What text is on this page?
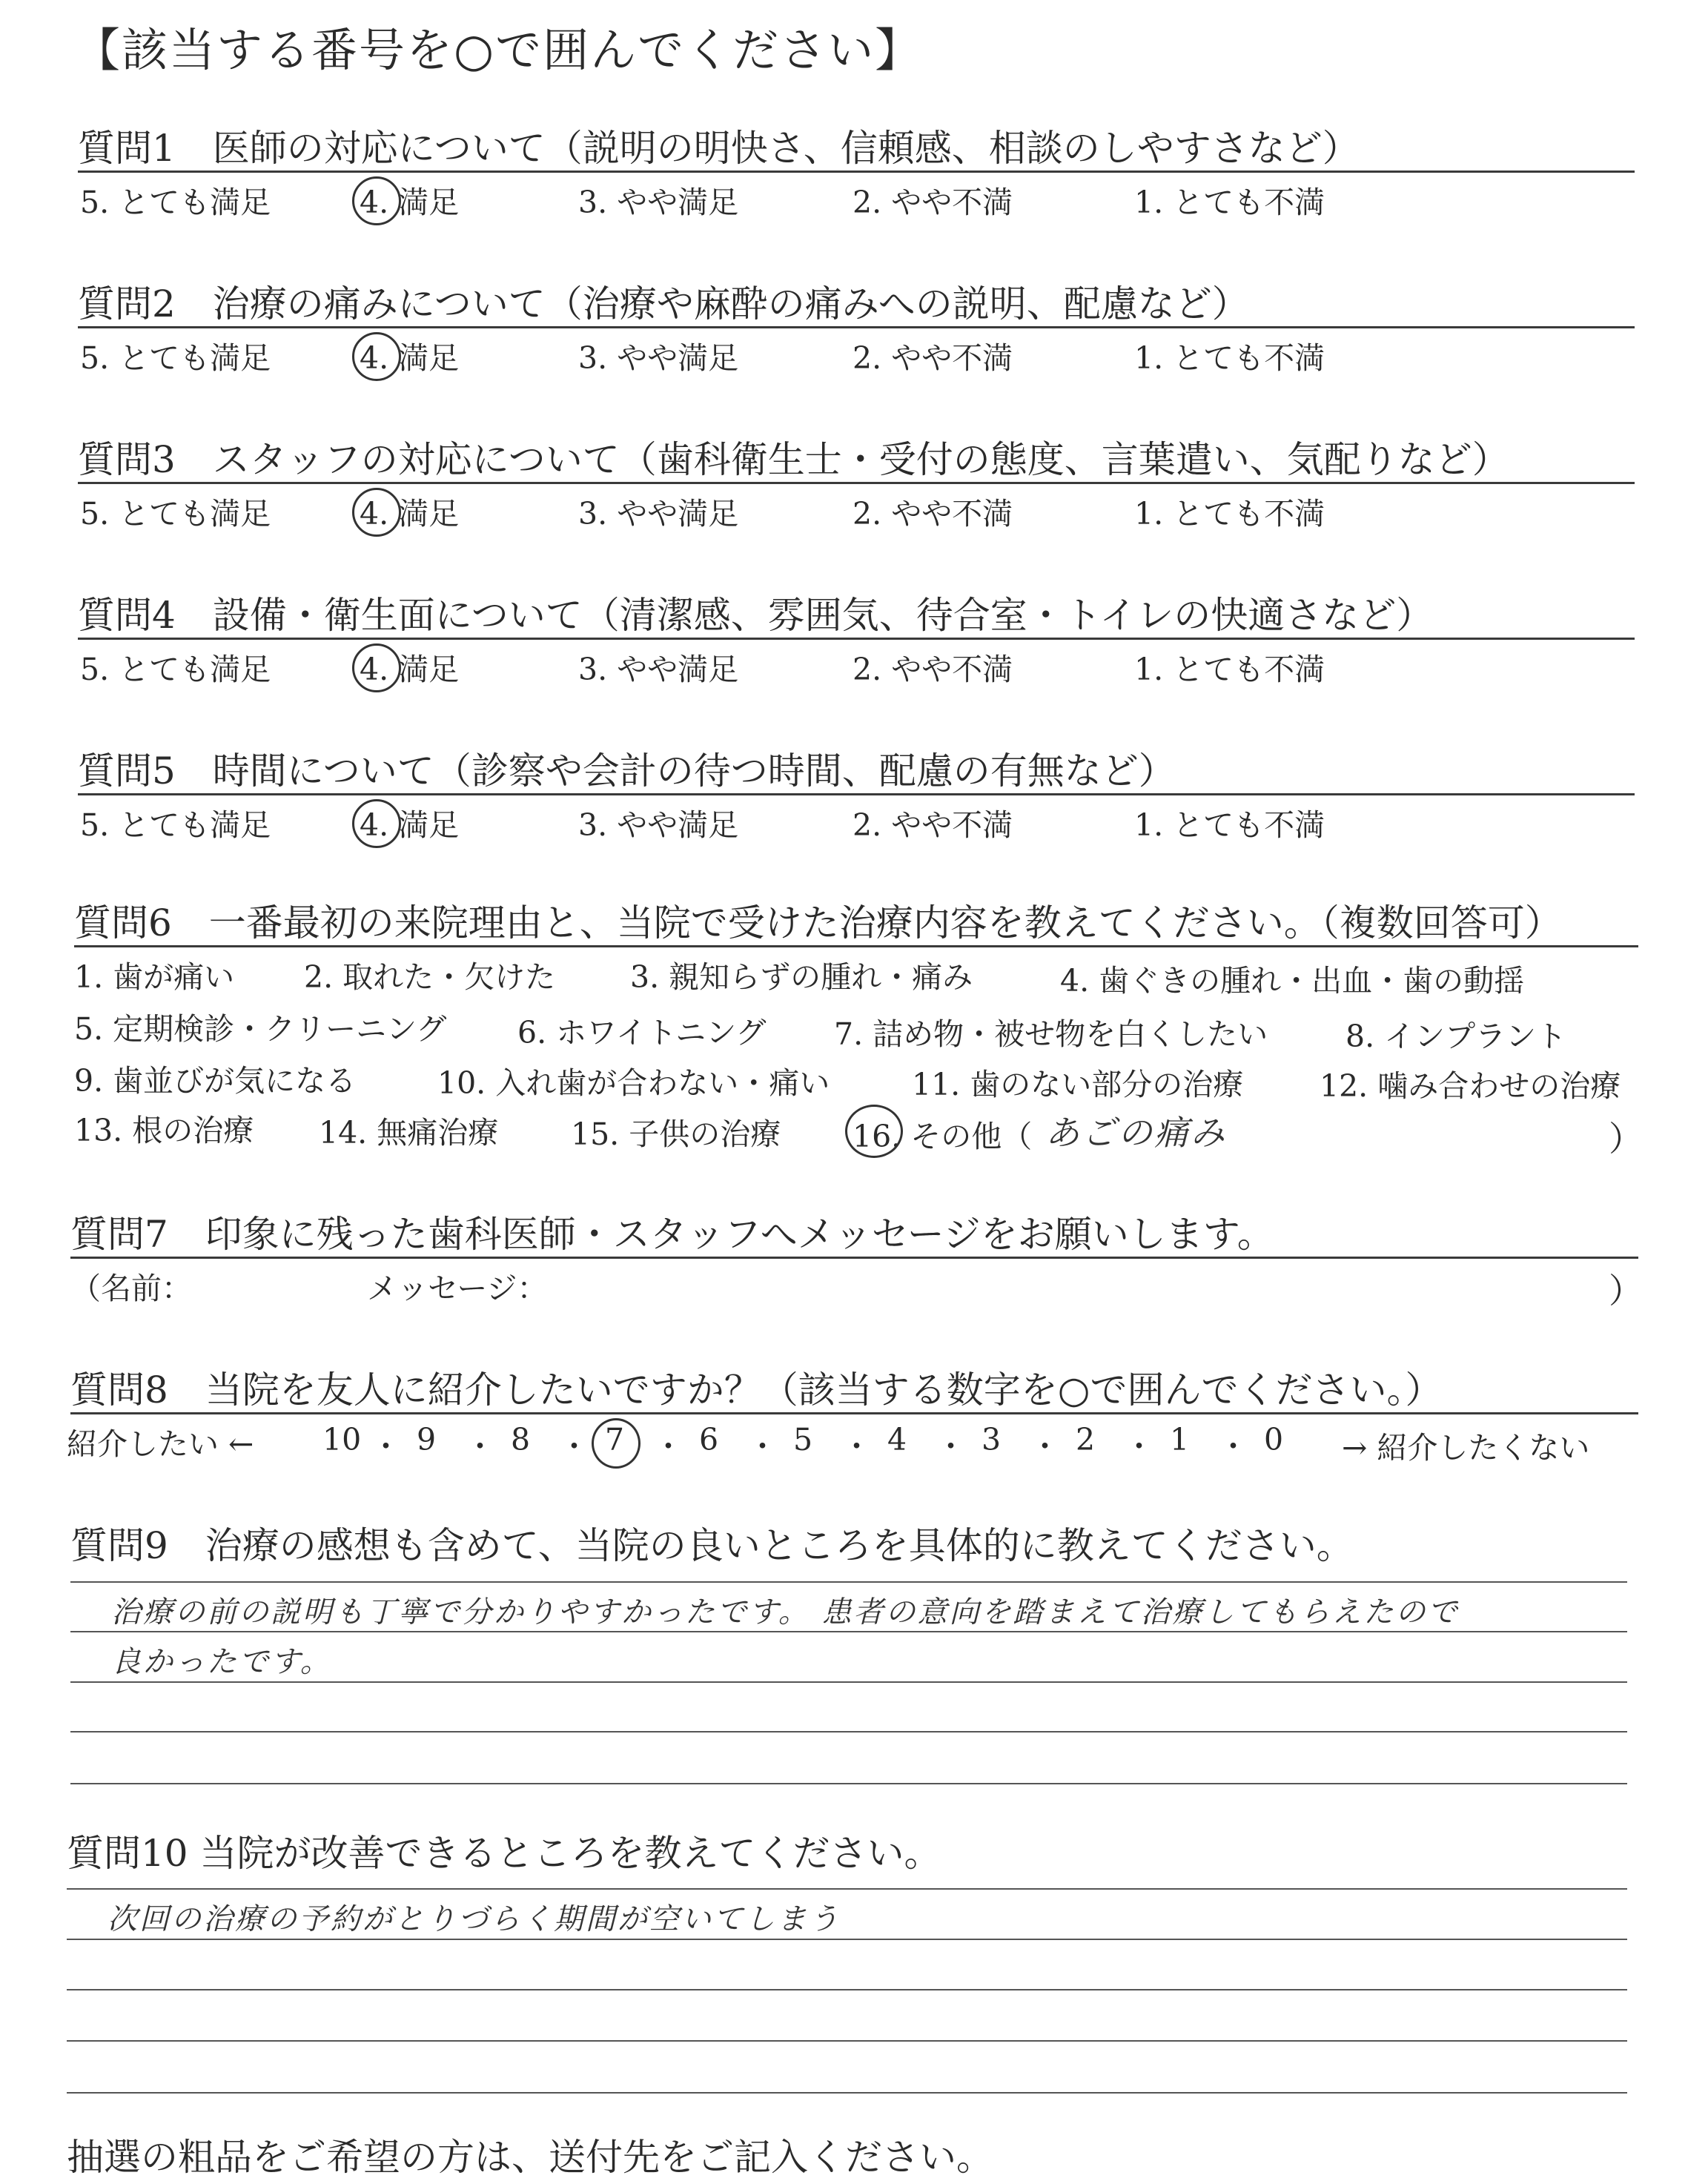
【該当する番号を○で囲んでください】
質問1　医師の対応について（説明の明快さ、信頼感、相談のしやすさなど）
5. とても満足	4. 満足	3. やや満足	2. やや不満	1. とても不満
質問2　治療の痛みについて（治療や麻酔の痛みへの説明、配慮など）
5. とても満足	4. 満足	3. やや満足	2. やや不満	1. とても不満
質問3　スタッフの対応について（歯科衛生士・受付の態度、言葉遣い、気配りなど）
5. とても満足	4. 満足	3. やや満足	2. やや不満	1. とても不満
質問4　設備・衛生面について（清潔感、雰囲気、待合室・トイレの快適さなど）
5. とても満足	4. 満足	3. やや満足	2. やや不満	1. とても不満
質問5　時間について（診察や会計の待つ時間、配慮の有無など）
5. とても満足	4. 満足	3. やや満足	2. やや不満	1. とても不満
質問6　一番最初の来院理由と、当院で受けた治療内容を教えてください。（複数回答可）
1. 歯が痛い 2. 取れた・欠けた 3. 親知らずの腫れ・痛み	4. 歯ぐきの腫れ・出血・歯の動揺
5. 定期検診・クリーニング 6. ホワイトニング 7. 詰め物・被せ物を白くしたい	8. インプラント
9. 歯並びが気になる	10. 入れ歯が合わない・痛い	11. 歯のない部分の治療	12. 噛み合わせの治療
13. 根の治療 14. 無痛治療 15. 子供の治療 16. その他（ あごの痛み	）
質問7　印象に残った歯科医師・スタッフへメッセージをお願いします。
（名前：	メッセージ：	）
質問8　当院を友人に紹介したいですか？（該当する数字を○で囲んでください。）
紹介したい ← 10 ・ 9 ・ 8 ・ 7 ・ 6 ・ 5 ・ 4 ・ 3 ・ 2 ・ 1 ・ 0 → 紹介したくない
質問9　治療の感想も含めて、当院の良いところを具体的に教えてください。
治療の前の説明も丁寧で分かりやすかったです。 患者の意向を踏まえて治療してもらえたので
良かったです。
質問10 当院が改善できるところを教えてください。
次回の治療の予約がとりづらく期間が空いてしまう
抽選の粗品をご希望の方は、送付先をご記入ください。
